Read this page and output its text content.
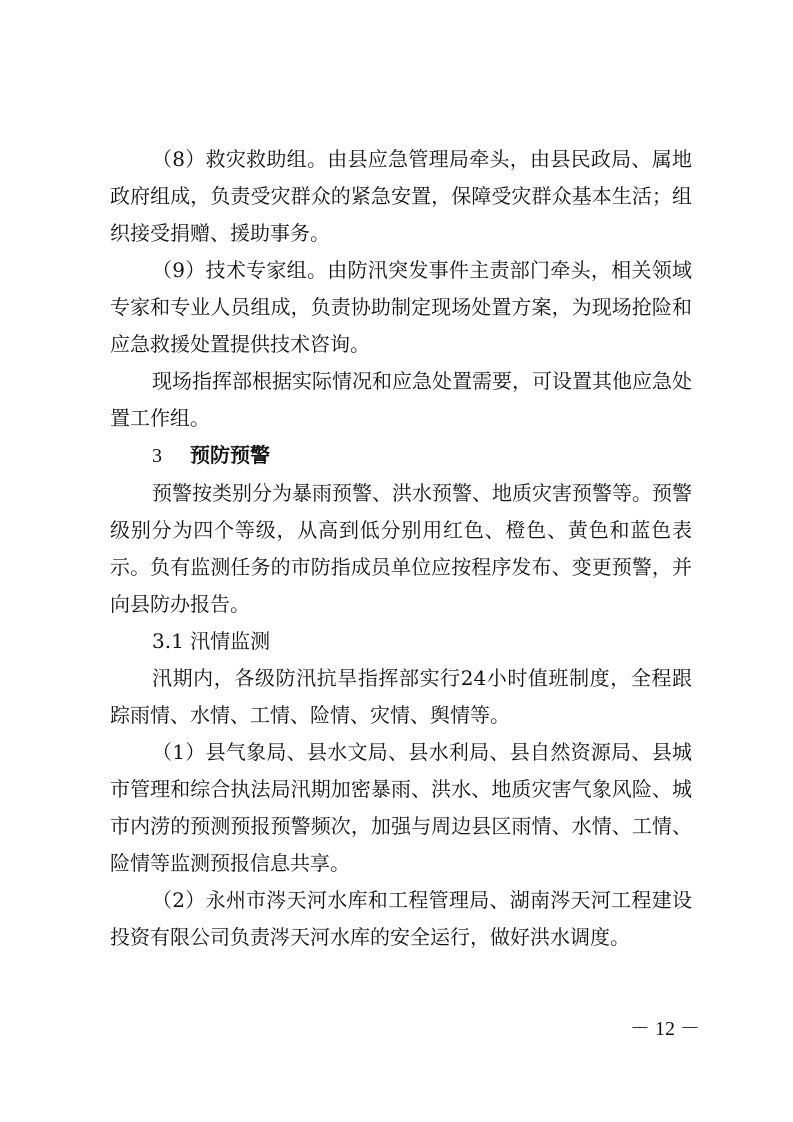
（8）救灾救助组。由县应急管理局牵头，由县民政局、属地政府组成，负责受灾群众的紧急安置，保障受灾群众基本生活；组织接受捐赠、援助事务。

（9）技术专家组。由防汛突发事件主责部门牵头，相关领域专家和专业人员组成，负责协助制定现场处置方案，为现场抢险和应急救援处置提供技术咨询。

现场指挥部根据实际情况和应急处置需要，可设置其他应急处置工作组。

3 预防预警

预警按类别分为暴雨预警、洪水预警、地质灾害预警等。预警级别分为四个等级，从高到低分别用红色、橙色、黄色和蓝色表示。负有监测任务的市防指成员单位应按程序发布、变更预警，并向县防办报告。

3.1 汛情监测

汛期内，各级防汛抗旱指挥部实行24小时值班制度，全程跟踪雨情、水情、工情、险情、灾情、舆情等。

（1）县气象局、县水文局、县水利局、县自然资源局、县城市管理和综合执法局汛期加密暴雨、洪水、地质灾害气象风险、城市内涝的预测预报预警频次，加强与周边县区雨情、水情、工情、险情等监测预报信息共享。

（2）永州市涔天河水库和工程管理局、湖南涔天河工程建设投资有限公司负责涔天河水库的安全运行，做好洪水调度。

－ 12 －
